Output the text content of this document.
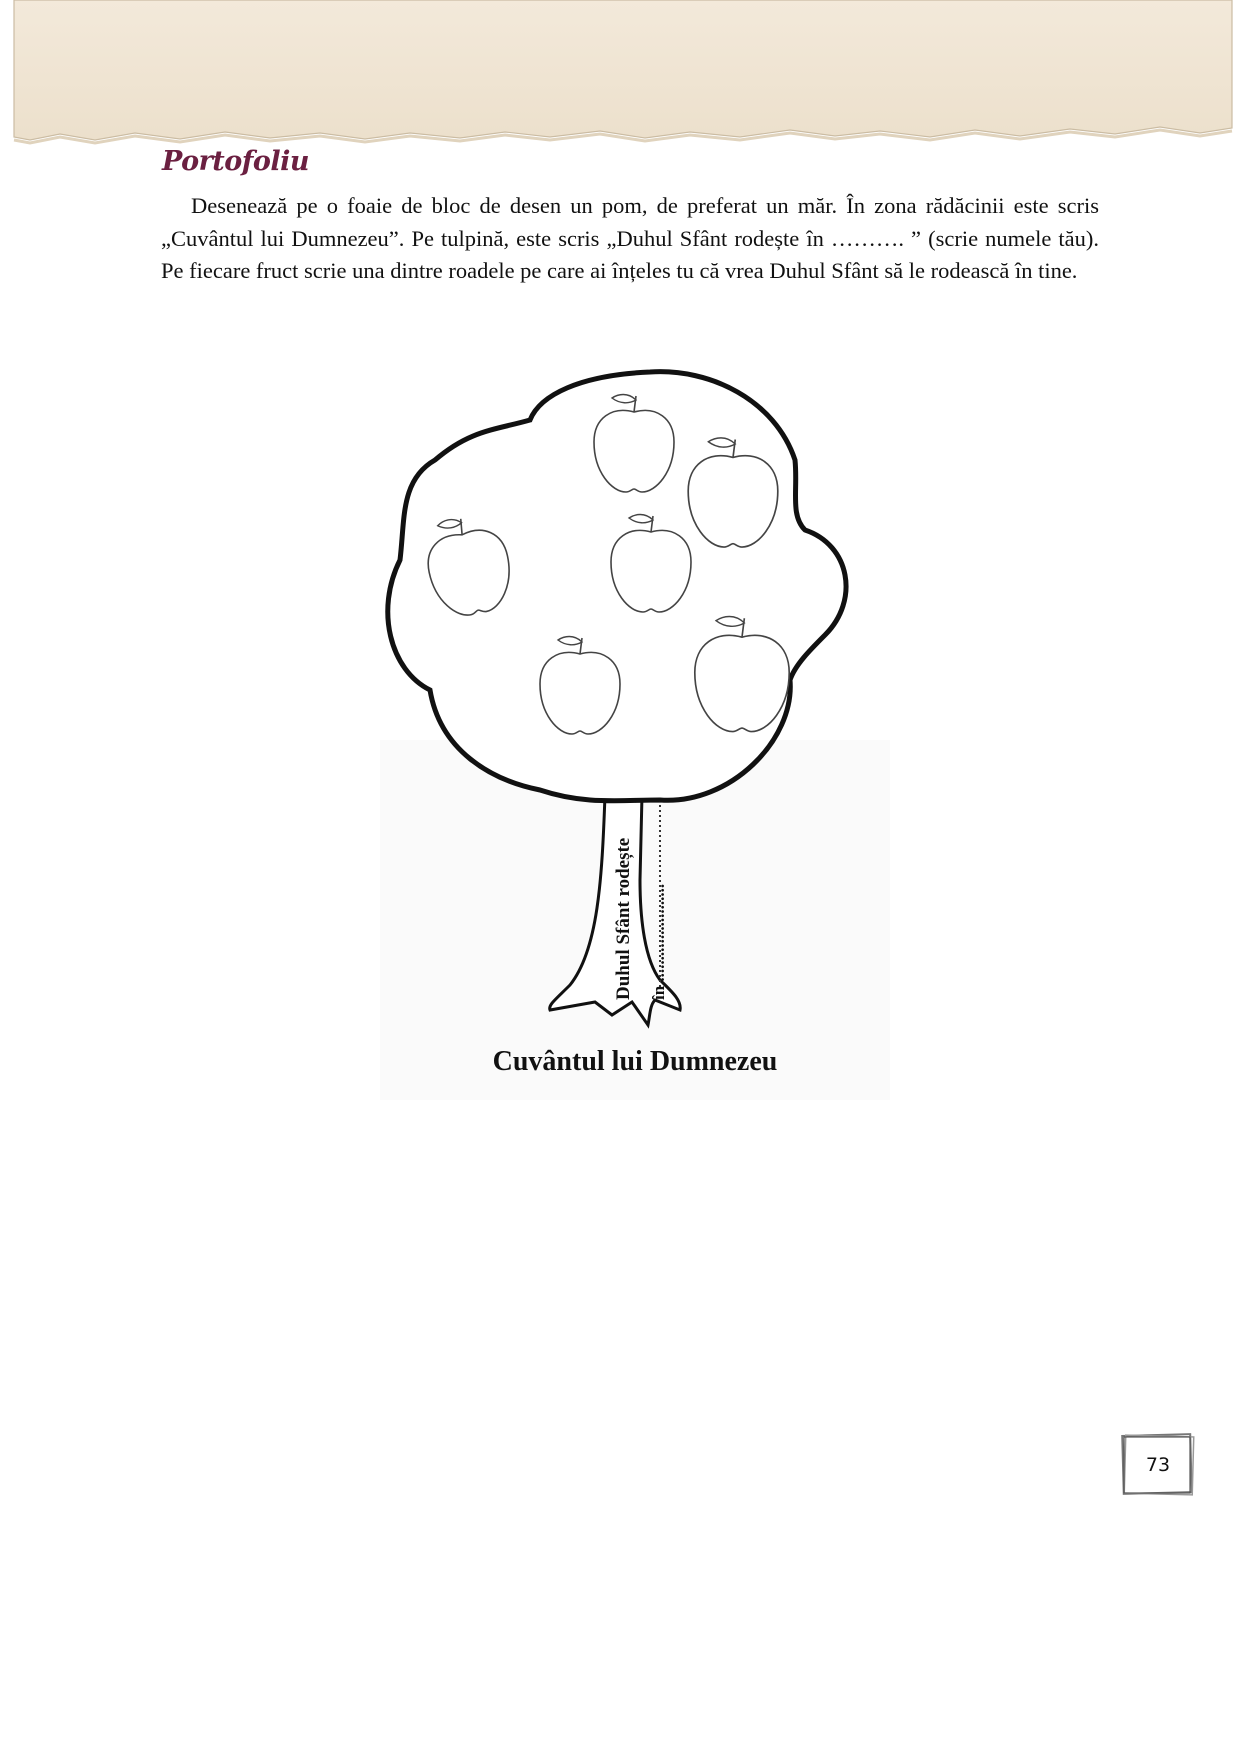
Portofoliu

Desenează pe o foaie de bloc de desen un pom, de preferat un măr. În zona rădăcinii este scris „Cuvântul lui Dumnezeu”. Pe tulpină, este scris „Duhul Sfânt rodește în ………. ” (scrie numele tău). Pe fiecare fruct scrie una dintre roadele pe care ai înțeles tu că vrea Duhul Sfânt să le rodească în tine.

Duhul Sfânt rodește în .......................
Cuvântul lui Dumnezeu
73
